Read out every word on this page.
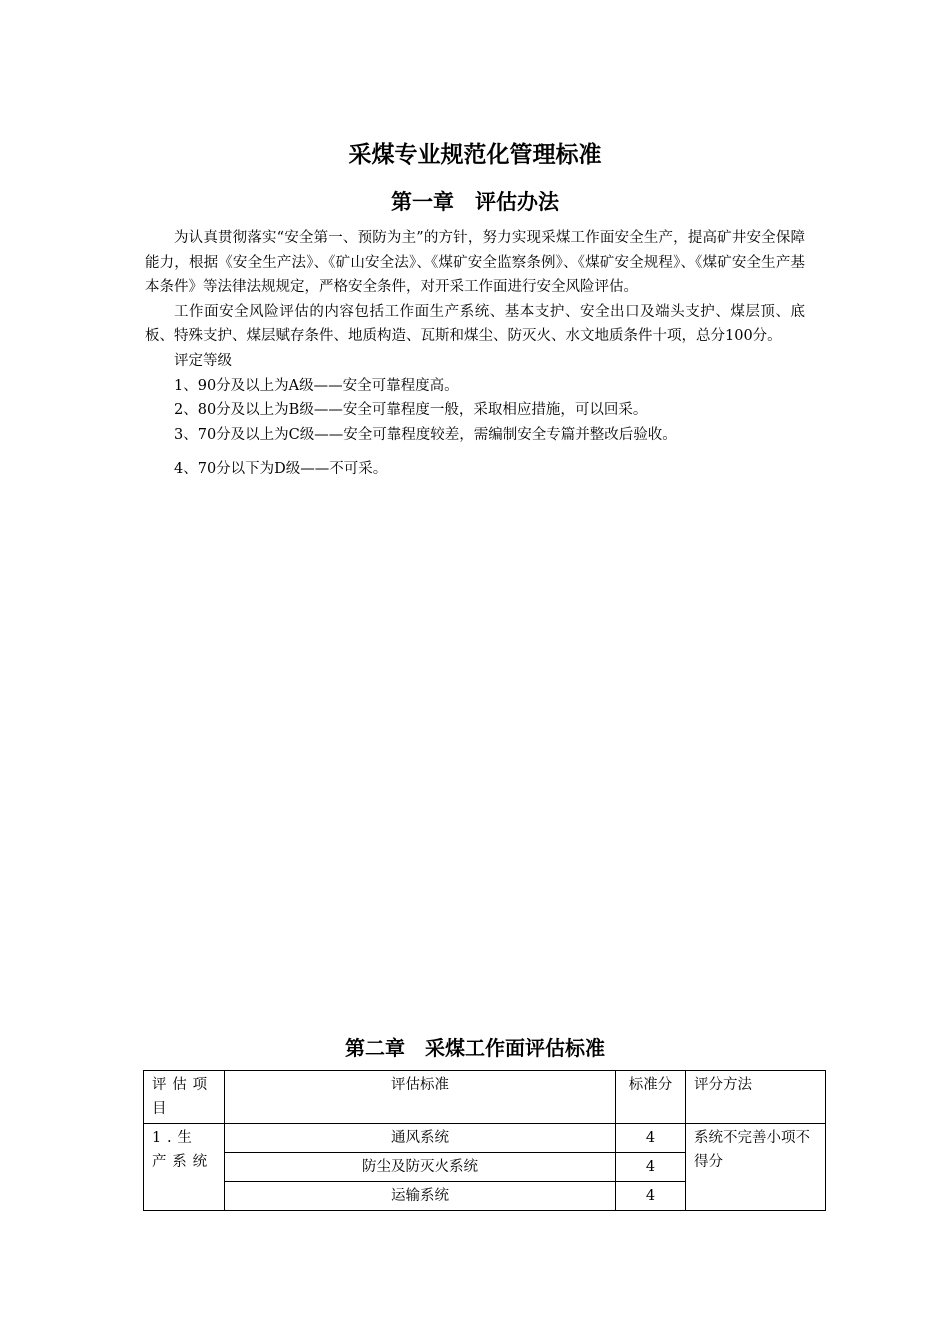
采煤专业规范化管理标准
第一章　评估办法

为认真贯彻落实“安全第一、预防为主”的方针，努力实现采煤工作面安全生产，提高矿井安全保障能力，根据《安全生产法》、《矿山安全法》、《煤矿安全监察条例》、《煤矿安全规程》、《煤矿安全生产基本条件》等法律法规规定，严格安全条件，对开采工作面进行安全风险评估。

工作面安全风险评估的内容包括工作面生产系统、基本支护、安全出口及端头支护、煤层顶、底板、特殊支护、煤层赋存条件、地质构造、瓦斯和煤尘、防灭火、水文地质条件十项，总分100分。

评定等级

1、90分及以上为A级——安全可靠程度高。

2、80分及以上为B级——安全可靠程度一般，采取相应措施，可以回采。

3、70分及以上为C级——安全可靠程度较差，需编制安全专篇并整改后验收。

4、70分以下为D级——不可采。

第二章　采煤工作面评估标准
评估项目	评估标准	标准分	评分方法
1.生产系统	通风系统	4	系统不完善小项不得分
	防尘及防灭火系统	4	
	运输系统	4	
